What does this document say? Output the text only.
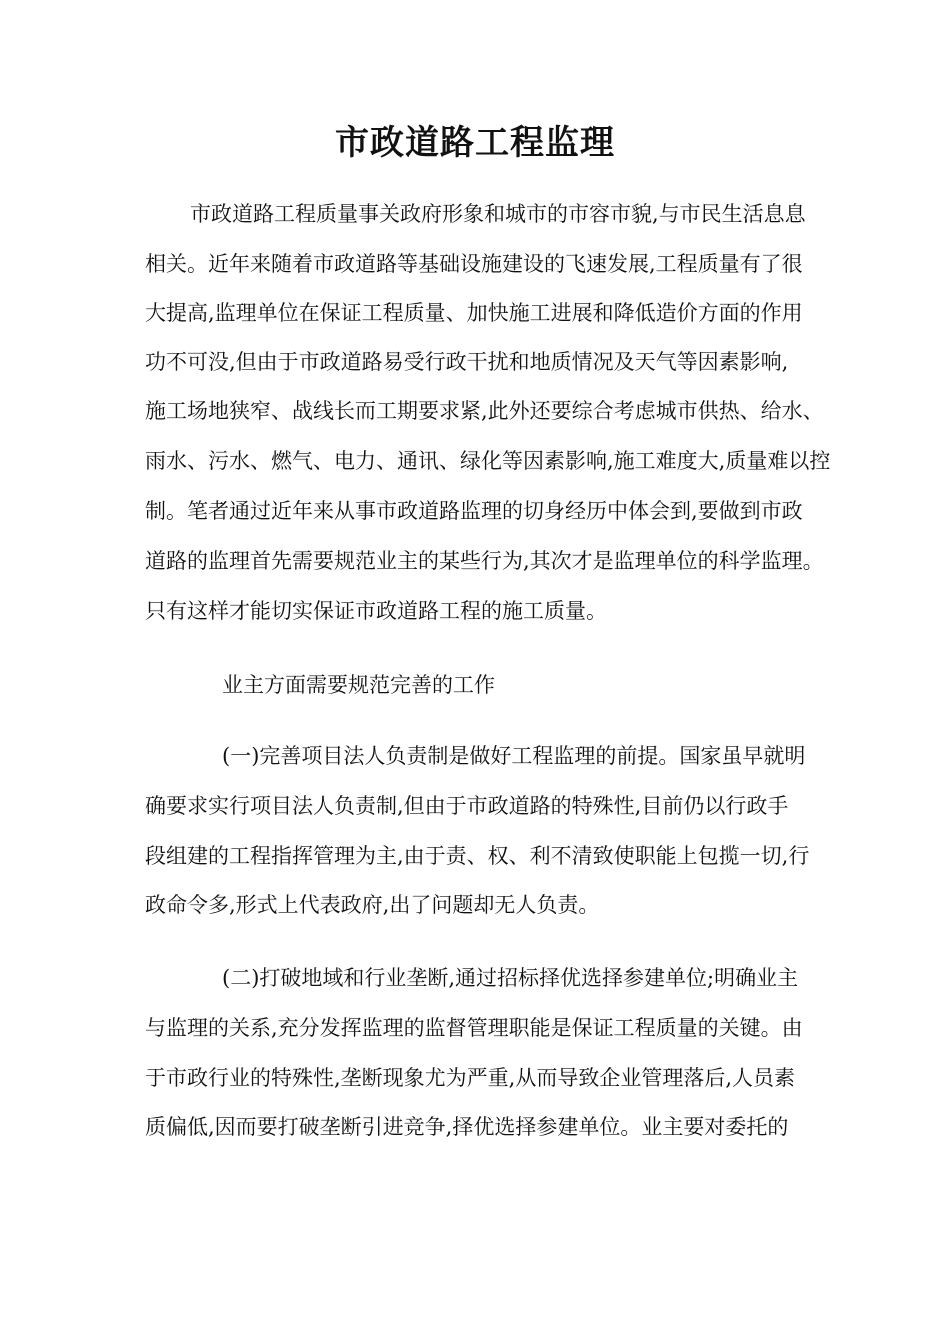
市政道路工程监理
市政道路工程质量事关政府形象和城市的市容市貌,与市民生活息息
相关。近年来随着市政道路等基础设施建设的飞速发展,工程质量有了很
大提高,监理单位在保证工程质量、加快施工进展和降低造价方面的作用
功不可没,但由于市政道路易受行政干扰和地质情况及天气等因素影响,
施工场地狭窄、战线长而工期要求紧,此外还要综合考虑城市供热、给水、
雨水、污水、燃气、电力、通讯、绿化等因素影响,施工难度大,质量难以控
制。笔者通过近年来从事市政道路监理的切身经历中体会到,要做到市政
道路的监理首先需要规范业主的某些行为,其次才是监理单位的科学监理。
只有这样才能切实保证市政道路工程的施工质量。
业主方面需要规范完善的工作
(一)完善项目法人负责制是做好工程监理的前提。国家虽早就明
确要求实行项目法人负责制,但由于市政道路的特殊性,目前仍以行政手
段组建的工程指挥管理为主,由于责、权、利不清致使职能上包揽一切,行
政命令多,形式上代表政府,出了问题却无人负责。
(二)打破地域和行业垄断,通过招标择优选择参建单位;明确业主
与监理的关系,充分发挥监理的监督管理职能是保证工程质量的关键。由
于市政行业的特殊性,垄断现象尤为严重,从而导致企业管理落后,人员素
质偏低,因而要打破垄断引进竞争,择优选择参建单位。业主要对委托的
